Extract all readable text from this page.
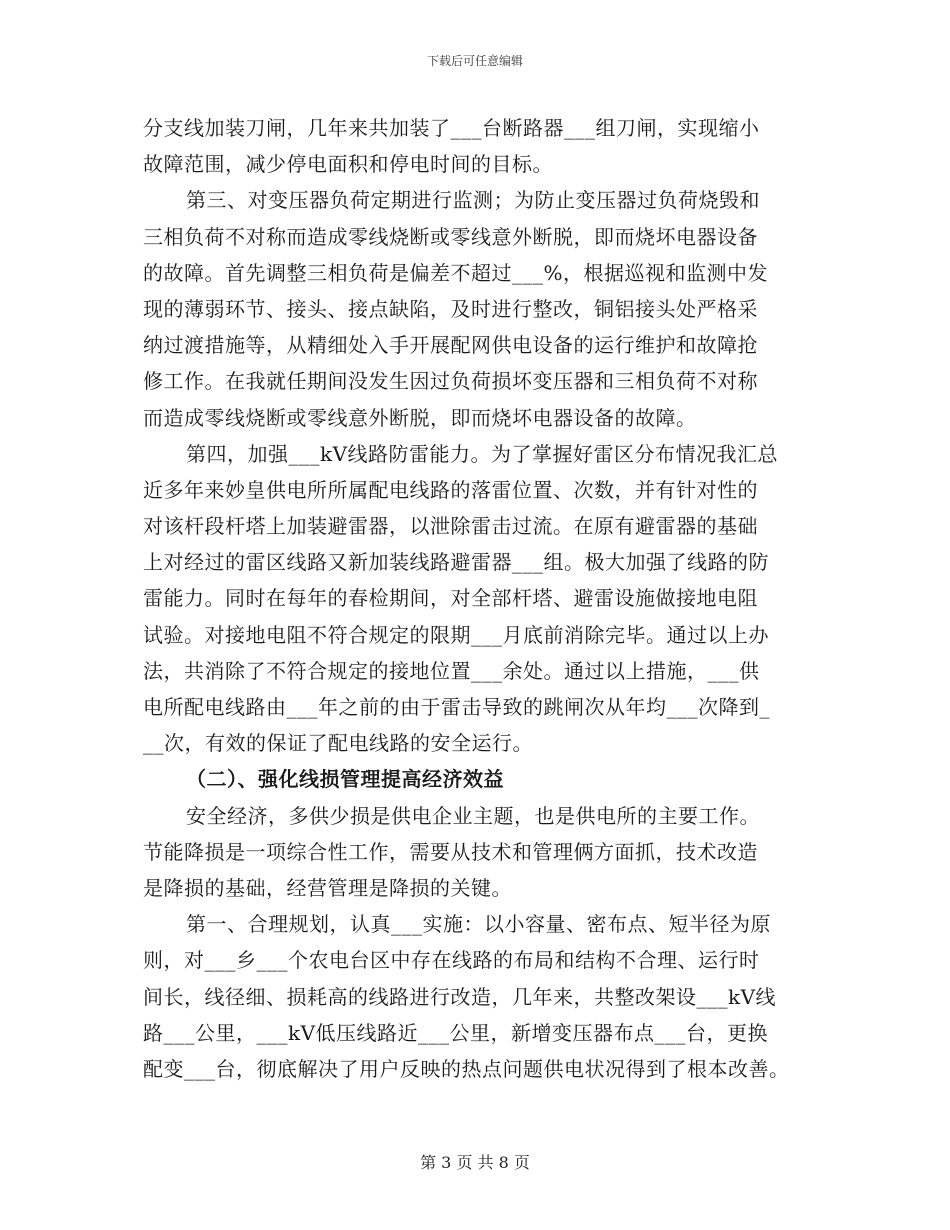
下载后可任意编辑
分支线加装刀闸，几年来共加装了___台断路器___组刀闸，实现缩小
故障范围，减少停电面积和停电时间的目标。
第三、对变压器负荷定期进行监测；为防止变压器过负荷烧毁和
三相负荷不对称而造成零线烧断或零线意外断脱，即而烧坏电器设备
的故障。首先调整三相负荷是偏差不超过___%，根据巡视和监测中发
现的薄弱环节、接头、接点缺陷，及时进行整改，铜铝接头处严格采
纳过渡措施等，从精细处入手开展配网供电设备的运行维护和故障抢
修工作。在我就任期间没发生因过负荷损坏变压器和三相负荷不对称
而造成零线烧断或零线意外断脱，即而烧坏电器设备的故障。
第四，加强___kV线路防雷能力。为了掌握好雷区分布情况我汇总
近多年来妙皇供电所所属配电线路的落雷位置、次数，并有针对性的
对该杆段杆塔上加装避雷器，以泄除雷击过流。在原有避雷器的基础
上对经过的雷区线路又新加装线路避雷器___组。极大加强了线路的防
雷能力。同时在每年的春检期间，对全部杆塔、避雷设施做接地电阻
试验。对接地电阻不符合规定的限期___月底前消除完毕。通过以上办
法，共消除了不符合规定的接地位置___余处。通过以上措施，___供
电所配电线路由___年之前的由于雷击导致的跳闸次从年均___次降到_
__次，有效的保证了配电线路的安全运行。
（二）、强化线损管理提高经济效益
安全经济，多供少损是供电企业主题，也是供电所的主要工作。
节能降损是一项综合性工作，需要从技术和管理俩方面抓，技术改造
是降损的基础，经营管理是降损的关键。
第一、合理规划，认真___实施：以小容量、密布点、短半径为原
则，对___乡___个农电台区中存在线路的布局和结构不合理、运行时
间长，线径细、损耗高的线路进行改造，几年来，共整改架设___kV线
路___公里，___kV低压线路近___公里，新增变压器布点___台，更换
配变___台，彻底解决了用户反映的热点问题供电状况得到了根本改善。
第 3 页 共 8 页
